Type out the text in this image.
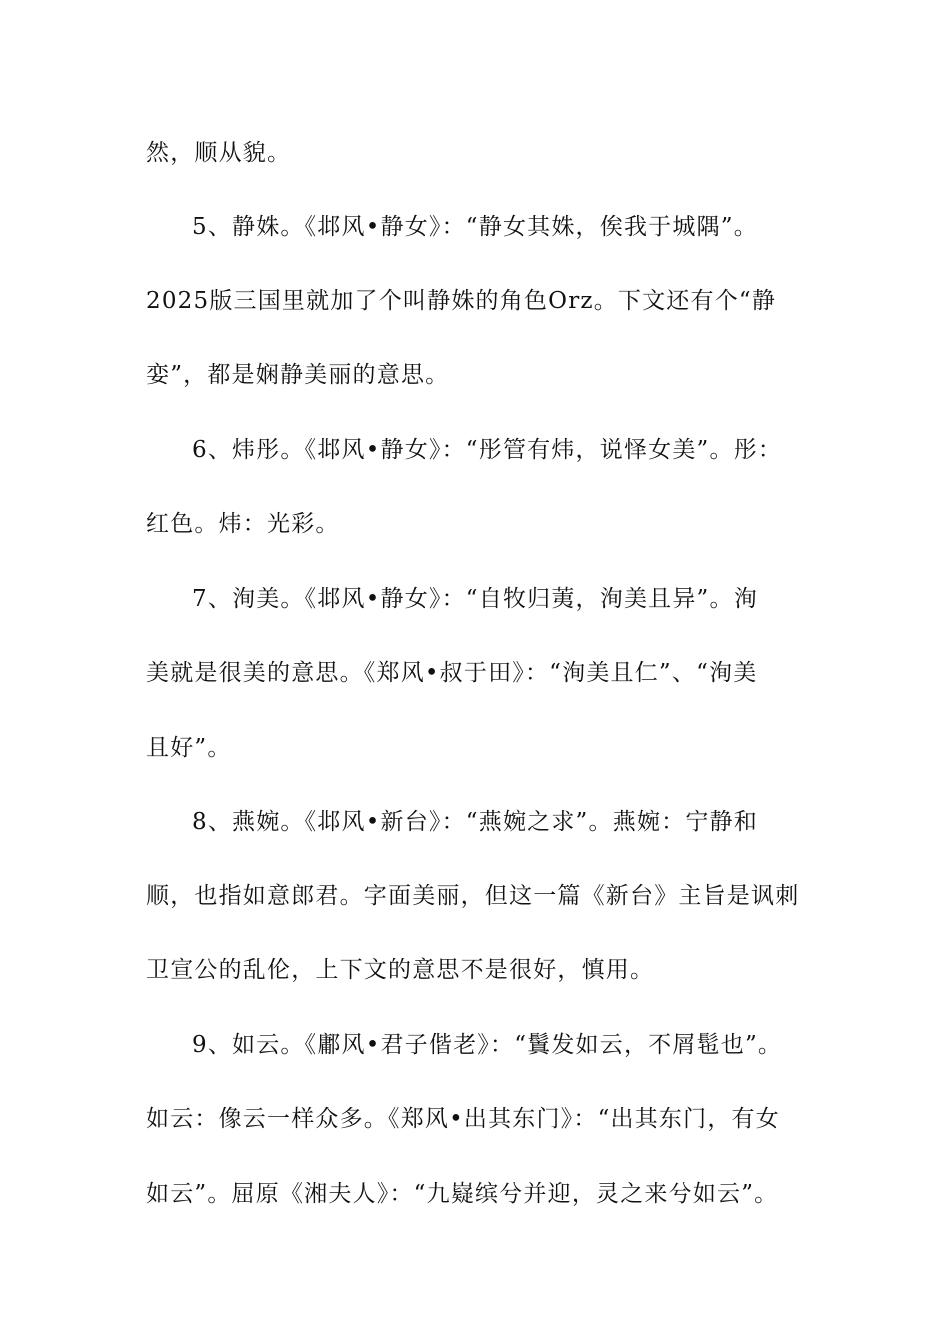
然，顺从貌。
5、静姝。《邶风•静女》：“静女其姝，俟我于城隅”。
2025版三国里就加了个叫静姝的角色Orz。下文还有个“静
娈”，都是娴静美丽的意思。
6、炜彤。《邶风•静女》：“彤管有炜，说怿女美”。彤：
红色。炜：光彩。
7、洵美。《邶风•静女》：“自牧归荑，洵美且异”。洵
美就是很美的意思。《郑风•叔于田》：“洵美且仁”、“洵美
且好”。
8、燕婉。《邶风•新台》：“燕婉之求”。燕婉：宁静和
顺，也指如意郎君。字面美丽，但这一篇《新台》主旨是讽刺
卫宣公的乱伦，上下文的意思不是很好，慎用。
9、如云。《鄘风•君子偕老》：“鬒发如云，不屑髢也”。
如云：像云一样众多。《郑风•出其东门》：“出其东门，有女
如云”。屈原《湘夫人》：“九嶷缤兮并迎，灵之来兮如云”。
